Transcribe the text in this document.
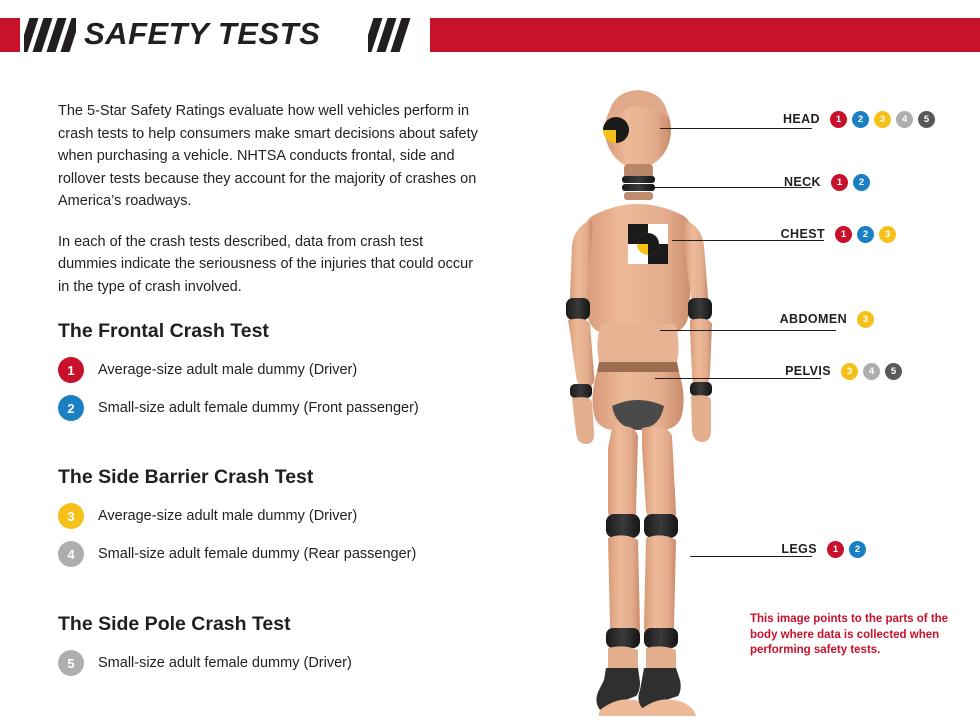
SAFETY TESTS

The 5-Star Safety Ratings evaluate how well vehicles perform in crash tests to help consumers make smart decisions about safety when purchasing a vehicle. NHTSA conducts frontal, side and rollover tests because they account for the majority of crashes on America’s roadways.

In each of the crash tests described, data from crash test dummies indicate the seriousness of the injuries that could occur in the type of crash involved.

The Frontal Crash Test
1	Average-size adult male dummy (Driver)
2	Small-size adult female dummy (Front passenger)
The Side Barrier Crash Test
3	Average-size adult male dummy (Driver)
4	Small-size adult female dummy (Rear passenger)
The Side Pole Crash Test
5	Small-size adult female dummy (Driver)
HEAD	1	2	3	4	5
NECK	1	2
CHEST	1	2	3
ABDOMEN	3
PELVIS	3	4	5
LEGS	1	2
This image points to the parts of the body where data is collected when performing safety tests.
